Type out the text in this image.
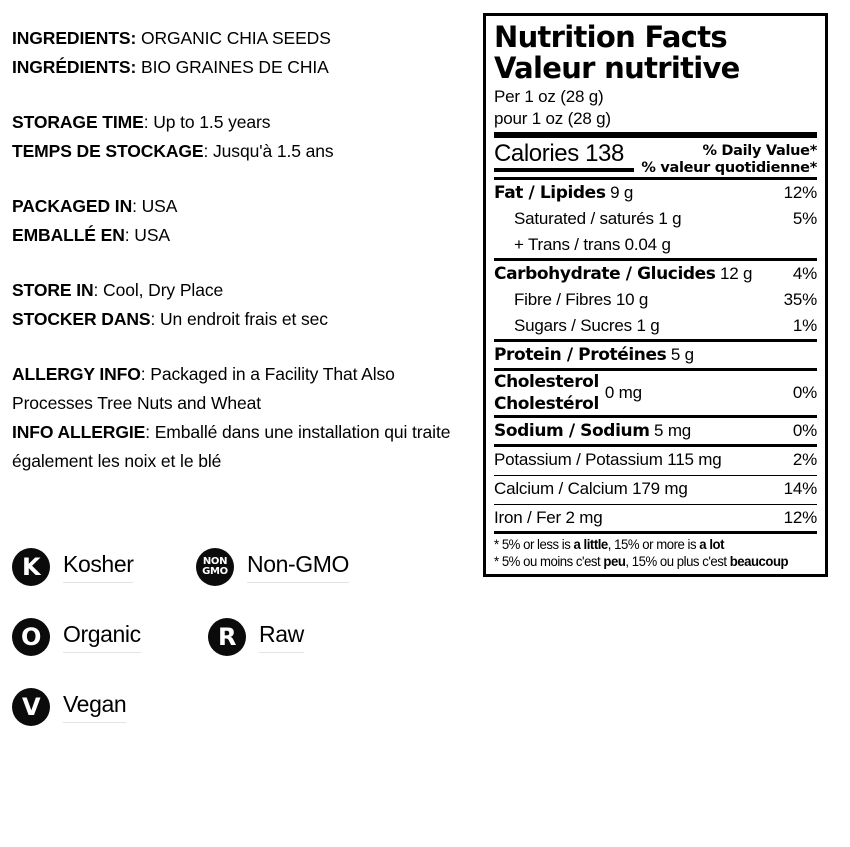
INGREDIENTS: ORGANIC CHIA SEEDS
INGRÉDIENTS: BIO GRAINES DE CHIA
STORAGE TIME: Up to 1.5 years
TEMPS DE STOCKAGE: Jusqu'à 1.5 ans
PACKAGED IN: USA
EMBALLÉ EN: USA
STORE IN: Cool, Dry Place
STOCKER DANS: Un endroit frais et sec
ALLERGY INFO: Packaged in a Facility That Also Processes Tree Nuts and Wheat
INFO ALLERGIE: Emballé dans une installation qui traite également les noix et le blé
Nutrition Facts
Valeur nutritive
Per 1 oz (28 g)
pour 1 oz (28 g)
Calories 138	% Daily Value*
% valeur quotidienne*
Fat / Lipides 9 g	12%
Saturated / saturés 1 g	5%
+ Trans / trans 0.04 g
Carbohydrate / Glucides 12 g	4%
Fibre / Fibres 10 g	35%
Sugars / Sucres 1 g	1%
Protein / Protéines 5 g
Cholesterol
Cholestérol
0 mg	0%
Sodium / Sodium 5 mg	0%
Potassium / Potassium 115 mg	2%
Calcium / Calcium 179 mg	14%
Iron / Fer 2 mg	12%
* 5% or less is a little, 15% or more is a lot
* 5% ou moins c'est peu, 15% ou plus c'est beaucoup
K Kosher	NON
GMO Non-GMO
O Organic	R	Raw
V Vegan
